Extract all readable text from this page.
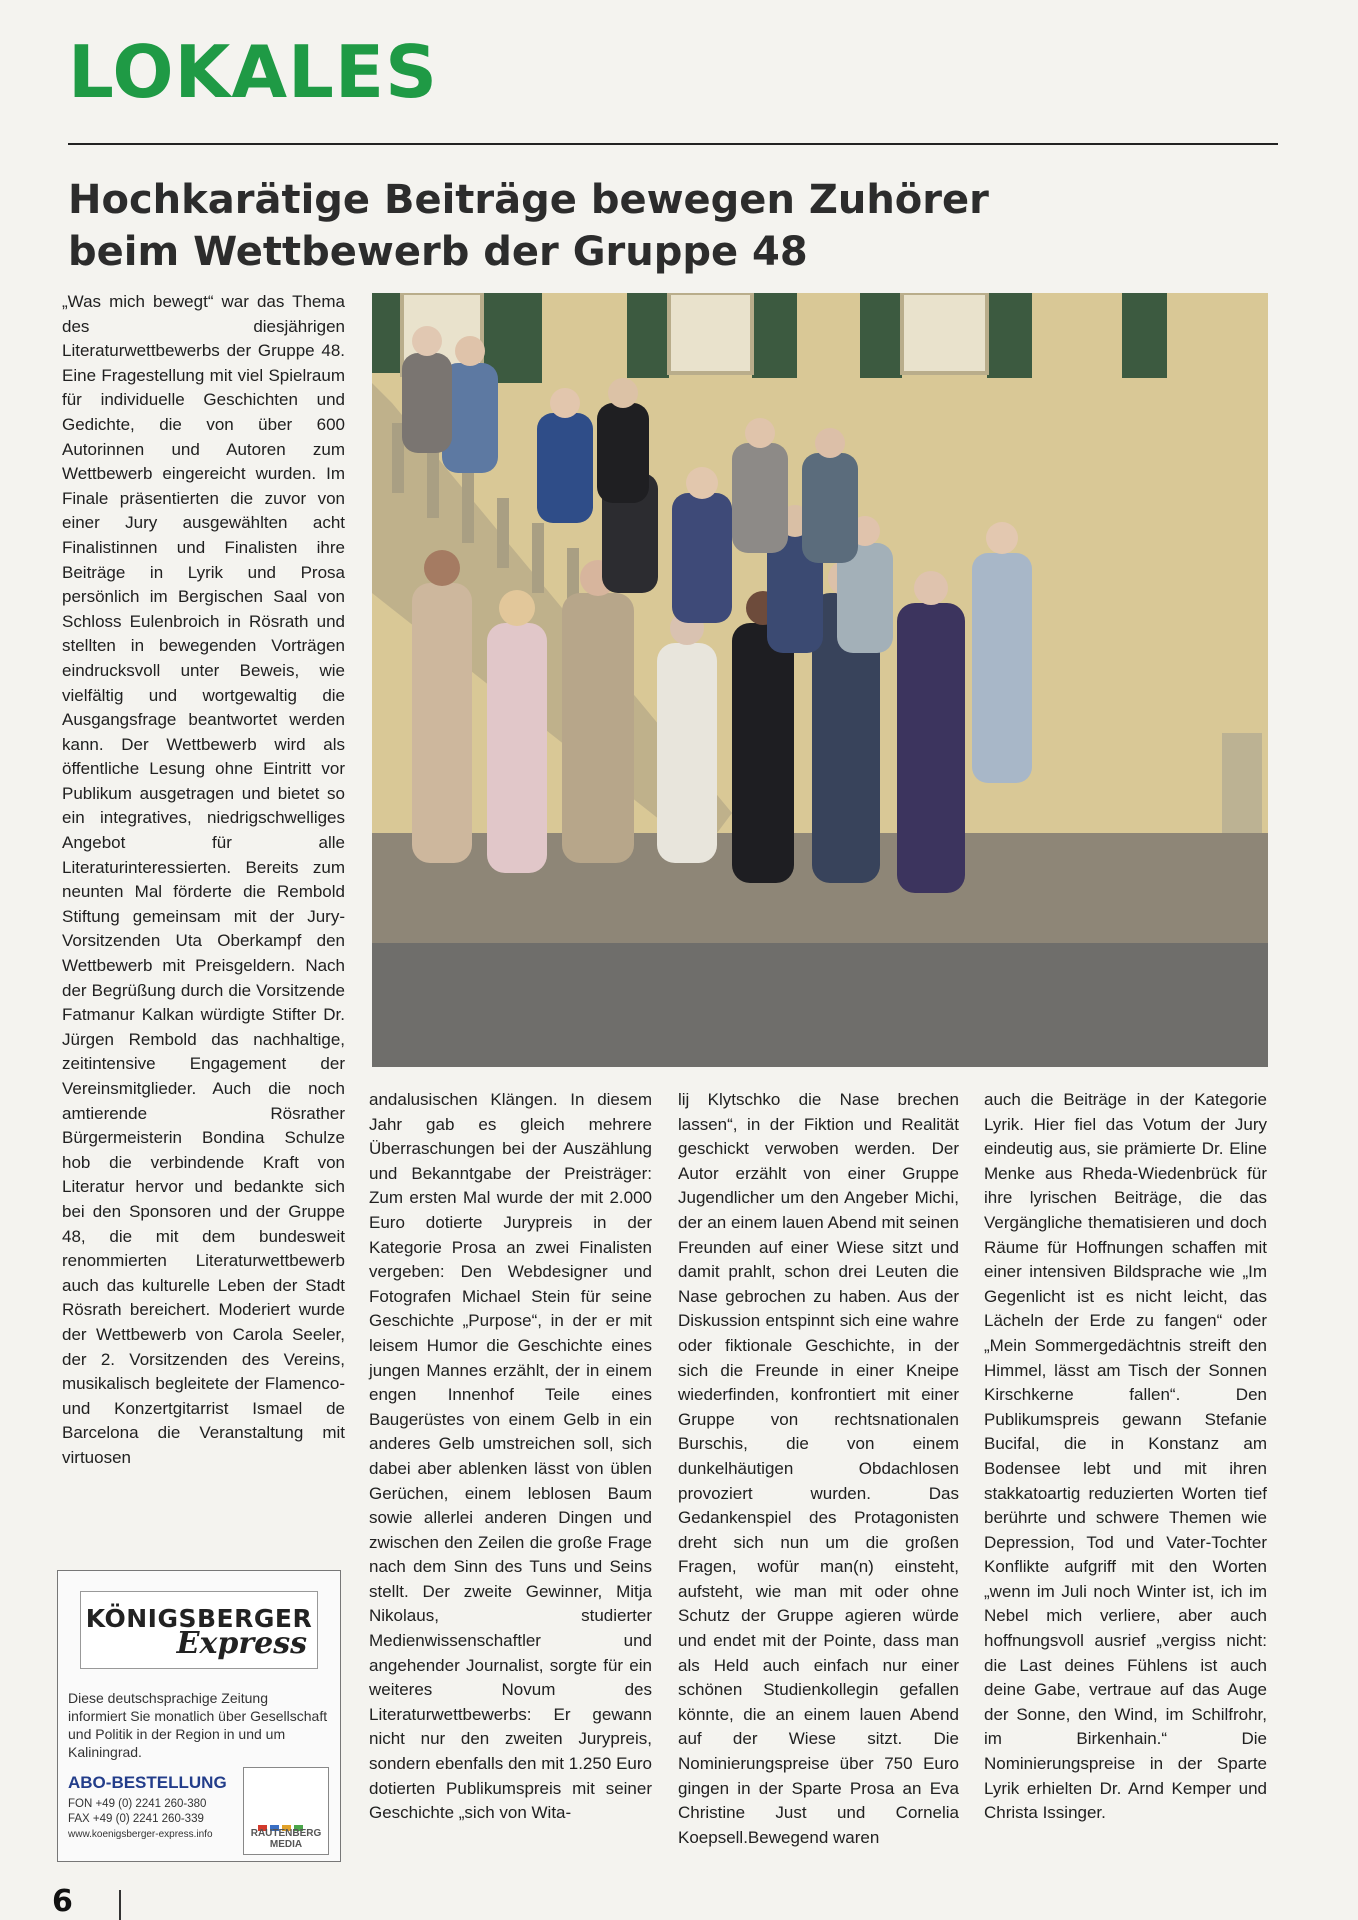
LOKALES
Hochkarätige Beiträge bewegen Zuhörer
beim Wettbewerb der Gruppe 48

„Was mich bewegt“ war das Thema des diesjährigen Literaturwettbewerbs der Gruppe 48. Eine Fragestellung mit viel Spielraum für individuelle Geschichten und Gedichte, die von über 600 Autorinnen und Autoren zum Wettbewerb eingereicht wurden. Im Finale präsentierten die zuvor von einer Jury ausgewählten acht Finalistinnen und Finalisten ihre Beiträge in Lyrik und Prosa persönlich im Bergischen Saal von Schloss Eulenbroich in Rösrath und stellten in bewegenden Vorträgen eindrucksvoll unter Beweis, wie vielfältig und wortgewaltig die Ausgangsfrage beantwortet werden kann. Der Wettbewerb wird als öffentliche Lesung ohne Eintritt vor Publikum ausgetragen und bietet so ein integratives, niedrigschwelliges Angebot für alle Literaturinteressierten. Bereits zum neunten Mal förderte die Rembold Stiftung gemeinsam mit der Jury-Vorsitzenden Uta Oberkampf den Wettbewerb mit Preisgeldern. Nach der Begrüßung durch die Vorsitzende Fatmanur Kalkan würdigte Stifter Dr. Jürgen Rembold das nachhaltige, zeitintensive Engagement der Vereinsmitglieder. Auch die noch amtierende Rösrather Bürgermeisterin Bondina Schulze hob die verbindende Kraft von Literatur hervor und bedankte sich bei den Sponsoren und der Gruppe 48, die mit dem bundesweit renommierten Literaturwettbewerb auch das kulturelle Leben der Stadt Rösrath bereichert. Moderiert wurde der Wettbewerb von Carola Seeler, der 2. Vorsitzenden des Vereins, musikalisch begleitete der Flamenco- und Konzertgitarrist Ismael de Barcelona die Veranstaltung mit virtuosen

andalusischen Klängen. In diesem Jahr gab es gleich mehrere Überraschungen bei der Auszählung und Bekanntgabe der Preisträger: Zum ersten Mal wurde der mit 2.000 Euro dotierte Jurypreis in der Kategorie Prosa an zwei Finalisten vergeben: Den Webdesigner und Fotografen Michael Stein für seine Geschichte „Purpose“, in der er mit leisem Humor die Geschichte eines jungen Mannes erzählt, der in einem engen Innenhof Teile eines Baugerüstes von einem Gelb in ein anderes Gelb umstreichen soll, sich dabei aber ablenken lässt von üblen Gerüchen, einem leblosen Baum sowie allerlei anderen Dingen und zwischen den Zeilen die große Frage nach dem Sinn des Tuns und Seins stellt. Der zweite Gewinner, Mitja Nikolaus, studierter Medienwissenschaftler und angehender Journalist, sorgte für ein weiteres Novum des Literaturwettbewerbs: Er gewann nicht nur den zweiten Jurypreis, sondern ebenfalls den mit 1.250 Euro dotierten Publikumspreis mit seiner Geschichte „sich von Wita-

lij Klytschko die Nase brechen lassen“, in der Fiktion und Realität geschickt verwoben werden. Der Autor erzählt von einer Gruppe Jugendlicher um den Angeber Michi, der an einem lauen Abend mit seinen Freunden auf einer Wiese sitzt und damit prahlt, schon drei Leuten die Nase gebrochen zu haben. Aus der Diskussion entspinnt sich eine wahre oder fiktionale Geschichte, in der sich die Freunde in einer Kneipe wiederfinden, konfrontiert mit einer Gruppe von rechtsnationalen Burschis, die von einem dunkelhäutigen Obdachlosen provoziert wurden. Das Gedankenspiel des Protagonisten dreht sich nun um die großen Fragen, wofür man(n) einsteht, aufsteht, wie man mit oder ohne Schutz der Gruppe agieren würde und endet mit der Pointe, dass man als Held auch einfach nur einer schönen Studienkollegin gefallen könnte, die an einem lauen Abend auf der Wiese sitzt. Die Nominierungspreise über 750 Euro gingen in der Sparte Prosa an Eva Christine Just und Cornelia Koepsell.Bewegend waren

auch die Beiträge in der Kategorie Lyrik. Hier fiel das Votum der Jury eindeutig aus, sie prämierte Dr. Eline Menke aus Rheda-Wiedenbrück für ihre lyrischen Beiträge, die das Vergängliche thematisieren und doch Räume für Hoffnungen schaffen mit einer intensiven Bildsprache wie „Im Gegenlicht ist es nicht leicht, das Lächeln der Erde zu fangen“ oder „Mein Sommergedächtnis streift den Himmel, lässt am Tisch der Sonnen Kirschkerne fallen“. Den Publikumspreis gewann Stefanie Bucifal, die in Konstanz am Bodensee lebt und mit ihren stakkatoartig reduzierten Worten tief berührte und schwere Themen wie Depression, Tod und Vater-Tochter Konflikte aufgriff mit den Worten „wenn im Juli noch Winter ist, ich im Nebel mich verliere, aber auch hoffnungsvoll ausrief „vergiss nicht: die Last deines Fühlens ist auch deine Gabe, vertraue auf das Auge der Sonne, den Wind, im Schilfrohr, im Birkenhain.“ Die Nominierungspreise in der Sparte Lyrik erhielten Dr. Arnd Kemper und Christa Issinger.

KÖNIGSBERGER
Express

Diese deutschsprachige Zeitung informiert Sie monatlich über Gesellschaft und Politik in der Region in und um Kaliningrad.

ABO-BESTELLUNG

FON +49 (0) 2241 260-380
FAX +49 (0) 2241 260-339
www.koenigsberger-express.info	RAUTENBERG
MEDIA

6
